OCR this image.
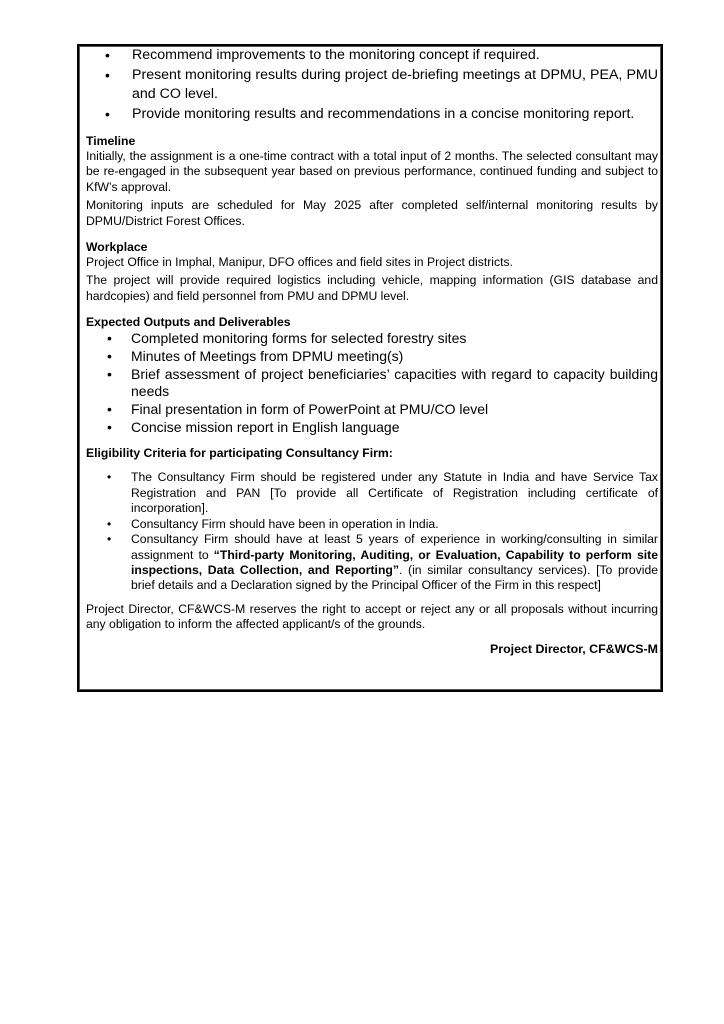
• Recommend improvements to the monitoring concept if required.
• Present monitoring results during project de-briefing meetings at DPMU, PEA, PMU and CO level.
• Provide monitoring results and recommendations in a concise monitoring report.
Timeline

Initially, the assignment is a one-time contract with a total input of 2 months. The selected consultant may be re-engaged in the subsequent year based on previous performance, continued funding and subject to KfW’s approval.

Monitoring inputs are scheduled for May 2025 after completed self/internal monitoring results by DPMU/District Forest Offices.

Workplace

Project Office in Imphal, Manipur, DFO offices and field sites in Project districts.

The project will provide required logistics including vehicle, mapping information (GIS database and hardcopies) and field personnel from PMU and DPMU level.

Expected Outputs and Deliverables
• Completed monitoring forms for selected forestry sites
• Minutes of Meetings from DPMU meeting(s)
• Brief assessment of project beneficiaries’ capacities with regard to capacity building needs
• Final presentation in form of PowerPoint at PMU/CO level
• Concise mission report in English language
Eligibility Criteria for participating Consultancy Firm:
• The Consultancy Firm should be registered under any Statute in India and have Service Tax Registration and PAN [To provide all Certificate of Registration including certificate of incorporation].
• Consultancy Firm should have been in operation in India.
• Consultancy Firm should have at least 5 years of experience in working/consulting in similar assignment to “Third-party Monitoring, Auditing, or Evaluation, Capability to perform site inspections, Data Collection, and Reporting”. (in similar consultancy services). [To provide brief details and a Declaration signed by the Principal Officer of the Firm in this respect]

Project Director, CF&WCS-M reserves the right to accept or reject any or all proposals without incurring any obligation to inform the affected applicant/s of the grounds.

Project Director, CF&WCS-M
